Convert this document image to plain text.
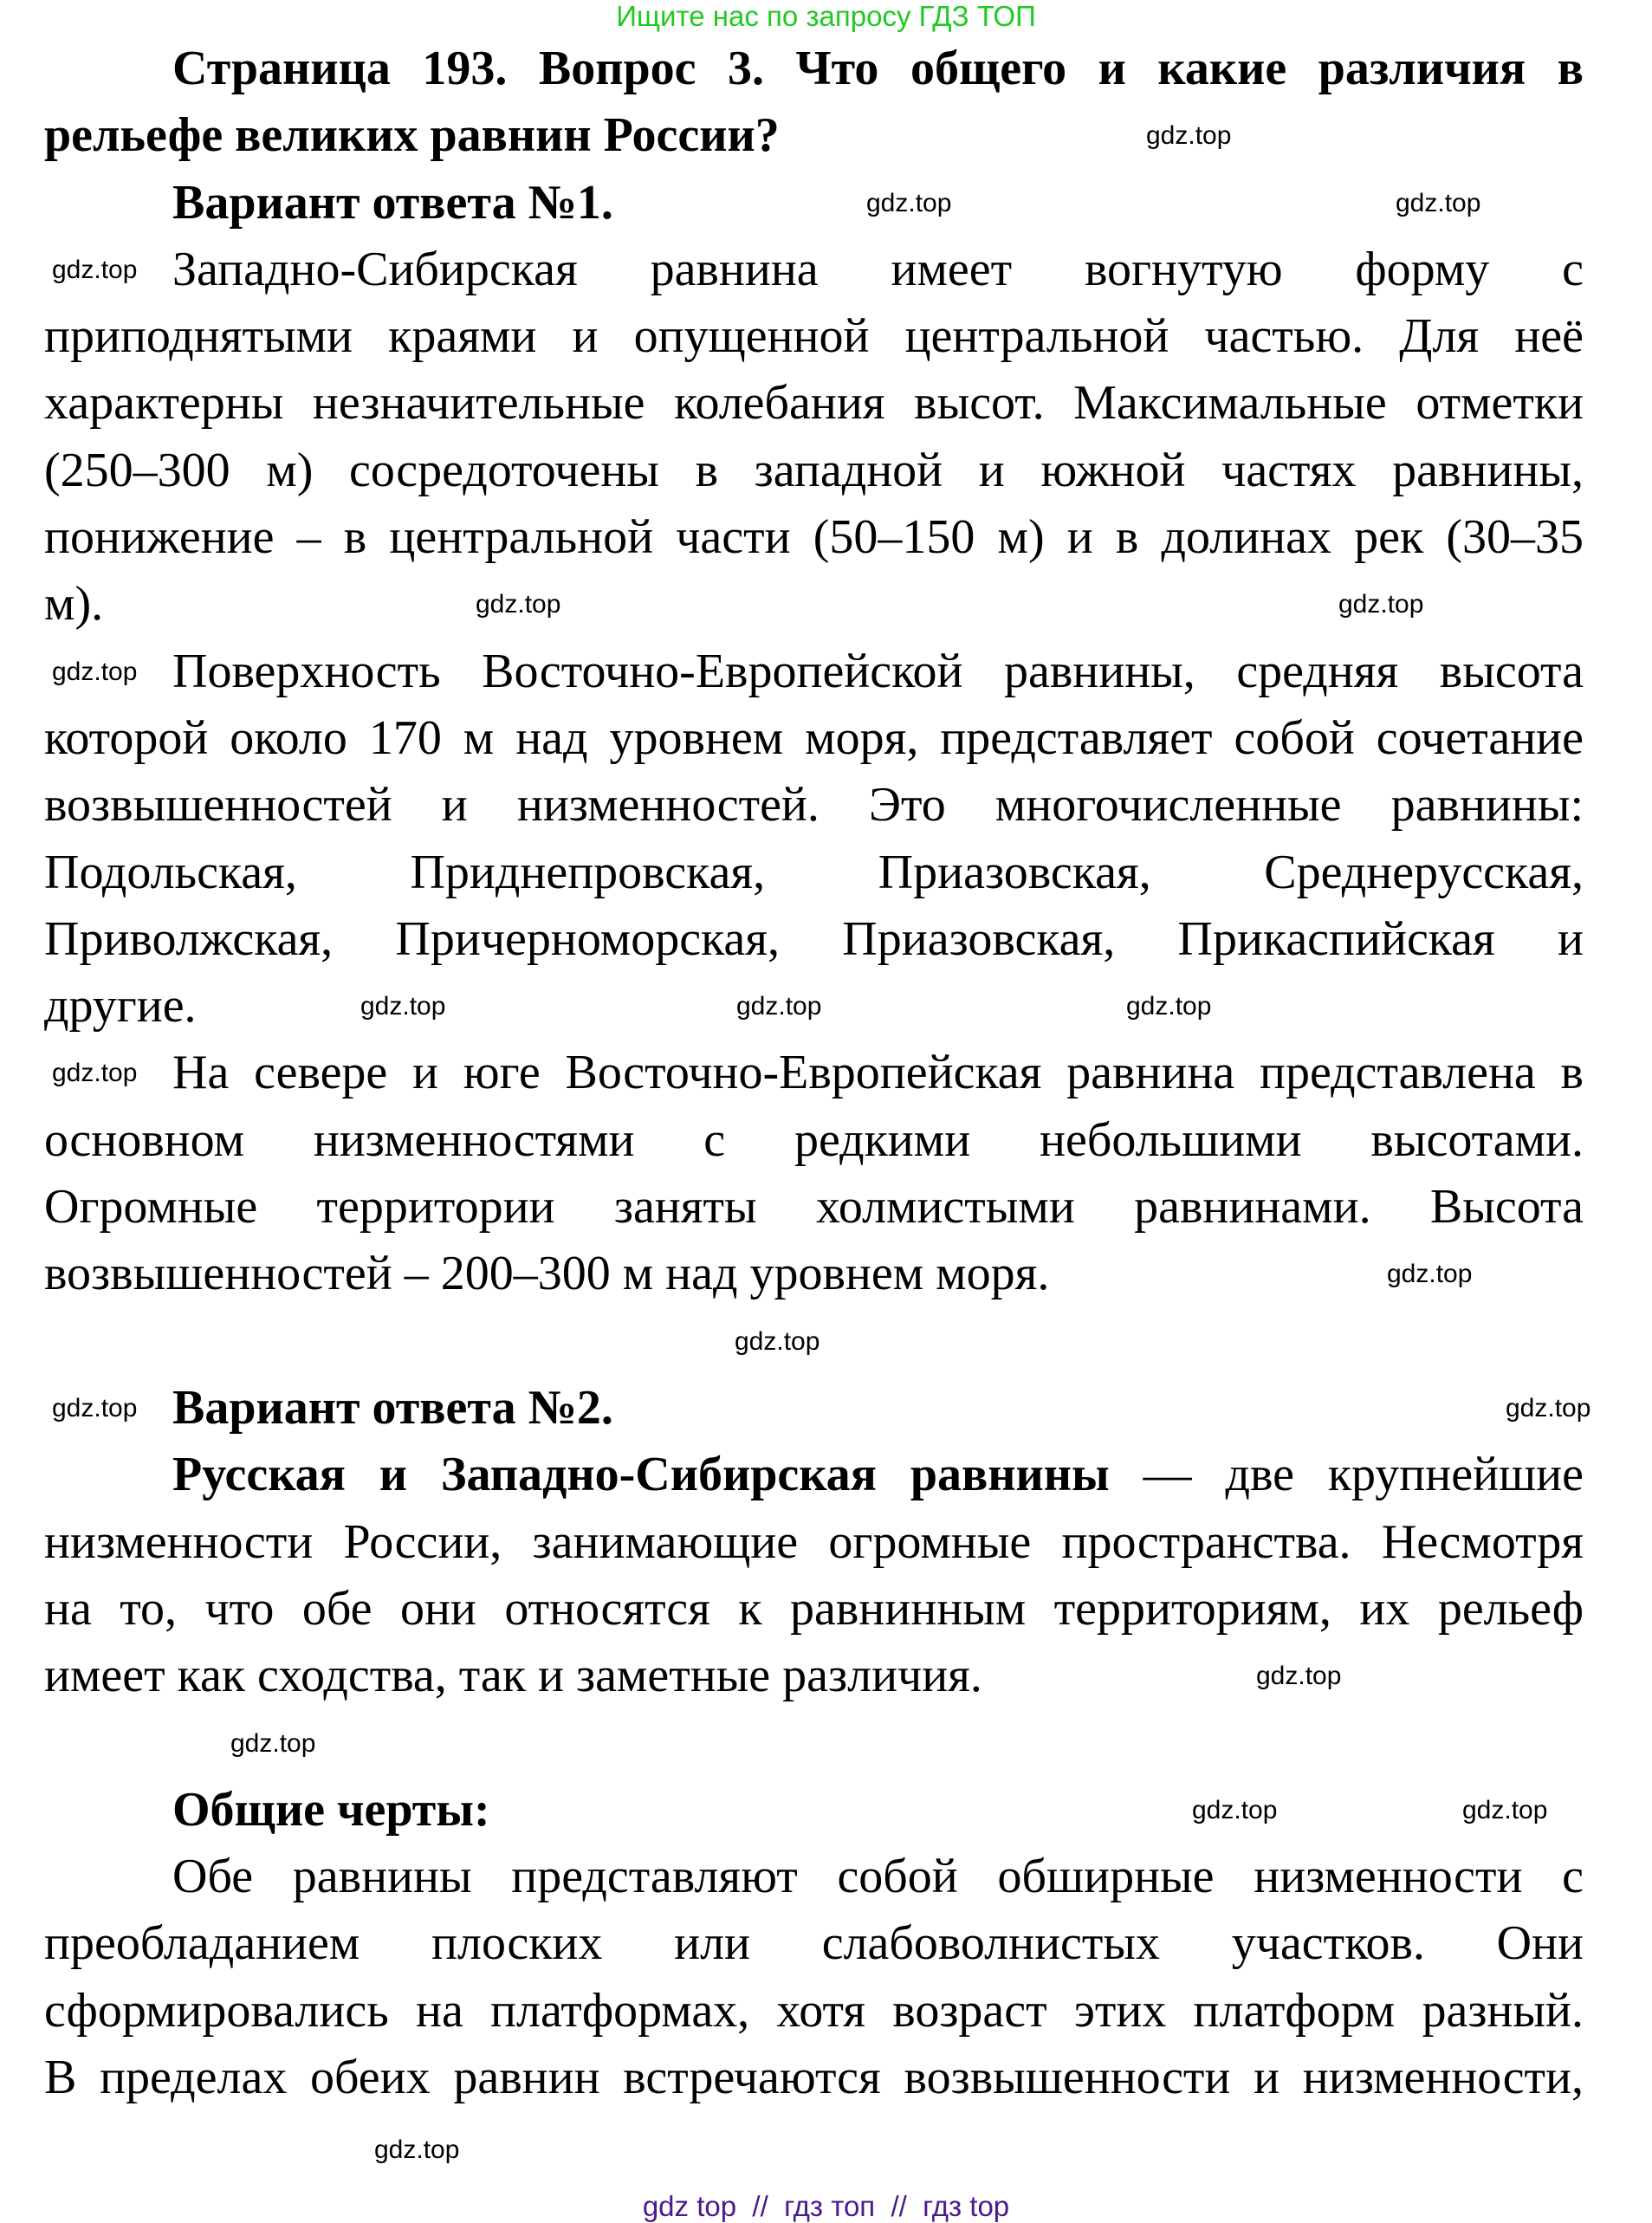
Ищите нас по запросу ГДЗ ТОП
Страница 193. Вопрос 3. Что общего и какие различия в
рельефе великих равнин России?
Вариант ответа №1.
Западно-Сибирская равнина имеет вогнутую форму с
приподнятыми краями и опущенной центральной частью. Для неё
характерны незначительные колебания высот. Максимальные отметки
(250–300 м) сосредоточены в западной и южной частях равнины,
понижение – в центральной части (50–150 м) и в долинах рек (30–35
м).
Поверхность Восточно-Европейской равнины, средняя высота
которой около 170 м над уровнем моря, представляет собой сочетание
возвышенностей и низменностей. Это многочисленные равнины:
Подольская, Приднепровская, Приазовская, Среднерусская,
Приволжская, Причерноморская, Приазовская, Прикаспийская и
другие.
На севере и юге Восточно-Европейская равнина представлена в
основном низменностями с редкими небольшими высотами.
Огромные территории заняты холмистыми равнинами. Высота
возвышенностей – 200–300 м над уровнем моря.
Вариант ответа №2.
Русская и Западно-Сибирская равнины — две крупнейшие
низменности России, занимающие огромные пространства. Несмотря
на то, что обе они относятся к равнинным территориям, их рельеф
имеет как сходства, так и заметные различия.
Общие черты:
Обе равнины представляют собой обширные низменности с
преобладанием плоских или слабоволнистых участков. Они
сформировались на платформах, хотя возраст этих платформ разный.
В пределах обеих равнин встречаются возвышенности и низменности,
gdz.top
gdz.top	gdz.top
gdz.top
gdz.top	gdz.top
gdz.top
gdz.top	gdz.top	gdz.top
gdz.top
gdz.top
gdz.top
gdz.top	gdz.top
gdz.top
gdz.top
gdz.top	gdz.top
gdz.top
gdz top  //  гдз топ  //  гдз top
